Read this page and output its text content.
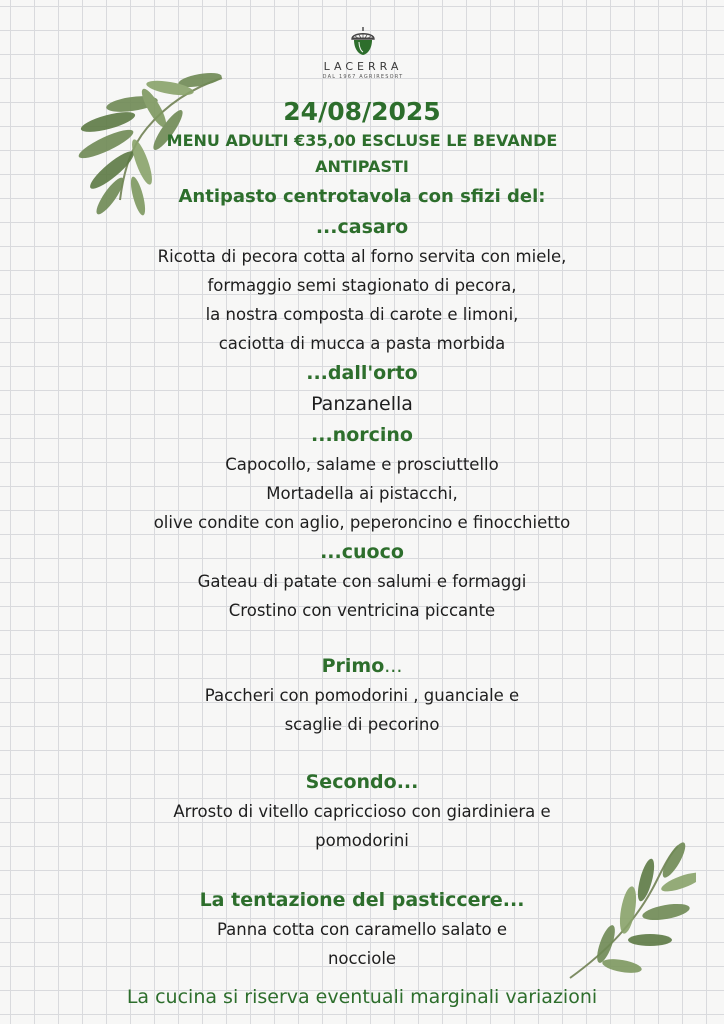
LACERRA
DAL 1967 AGRIRESORT
24/08/2025
MENU ADULTI €35,00 ESCLUSE LE BEVANDE
ANTIPASTI
Antipasto centrotavola con sfizi del:
...casaro
Ricotta di pecora cotta al forno servita con miele,
formaggio semi stagionato di pecora,
la nostra composta di carote e limoni,
caciotta di mucca a pasta morbida
...dall'orto
Panzanella
...norcino
Capocollo, salame e prosciuttello
Mortadella ai pistacchi,
olive condite con aglio, peperoncino e finocchietto
...cuoco
Gateau di patate con salumi e formaggi
Crostino con ventricina piccante
Primo...
Paccheri con pomodorini , guanciale e
scaglie di pecorino
Secondo...
Arrosto di vitello capriccioso con giardiniera e
pomodorini
La tentazione del pasticcere...
Panna cotta con caramello salato e
nocciole
La cucina si riserva eventuali marginali variazioni
